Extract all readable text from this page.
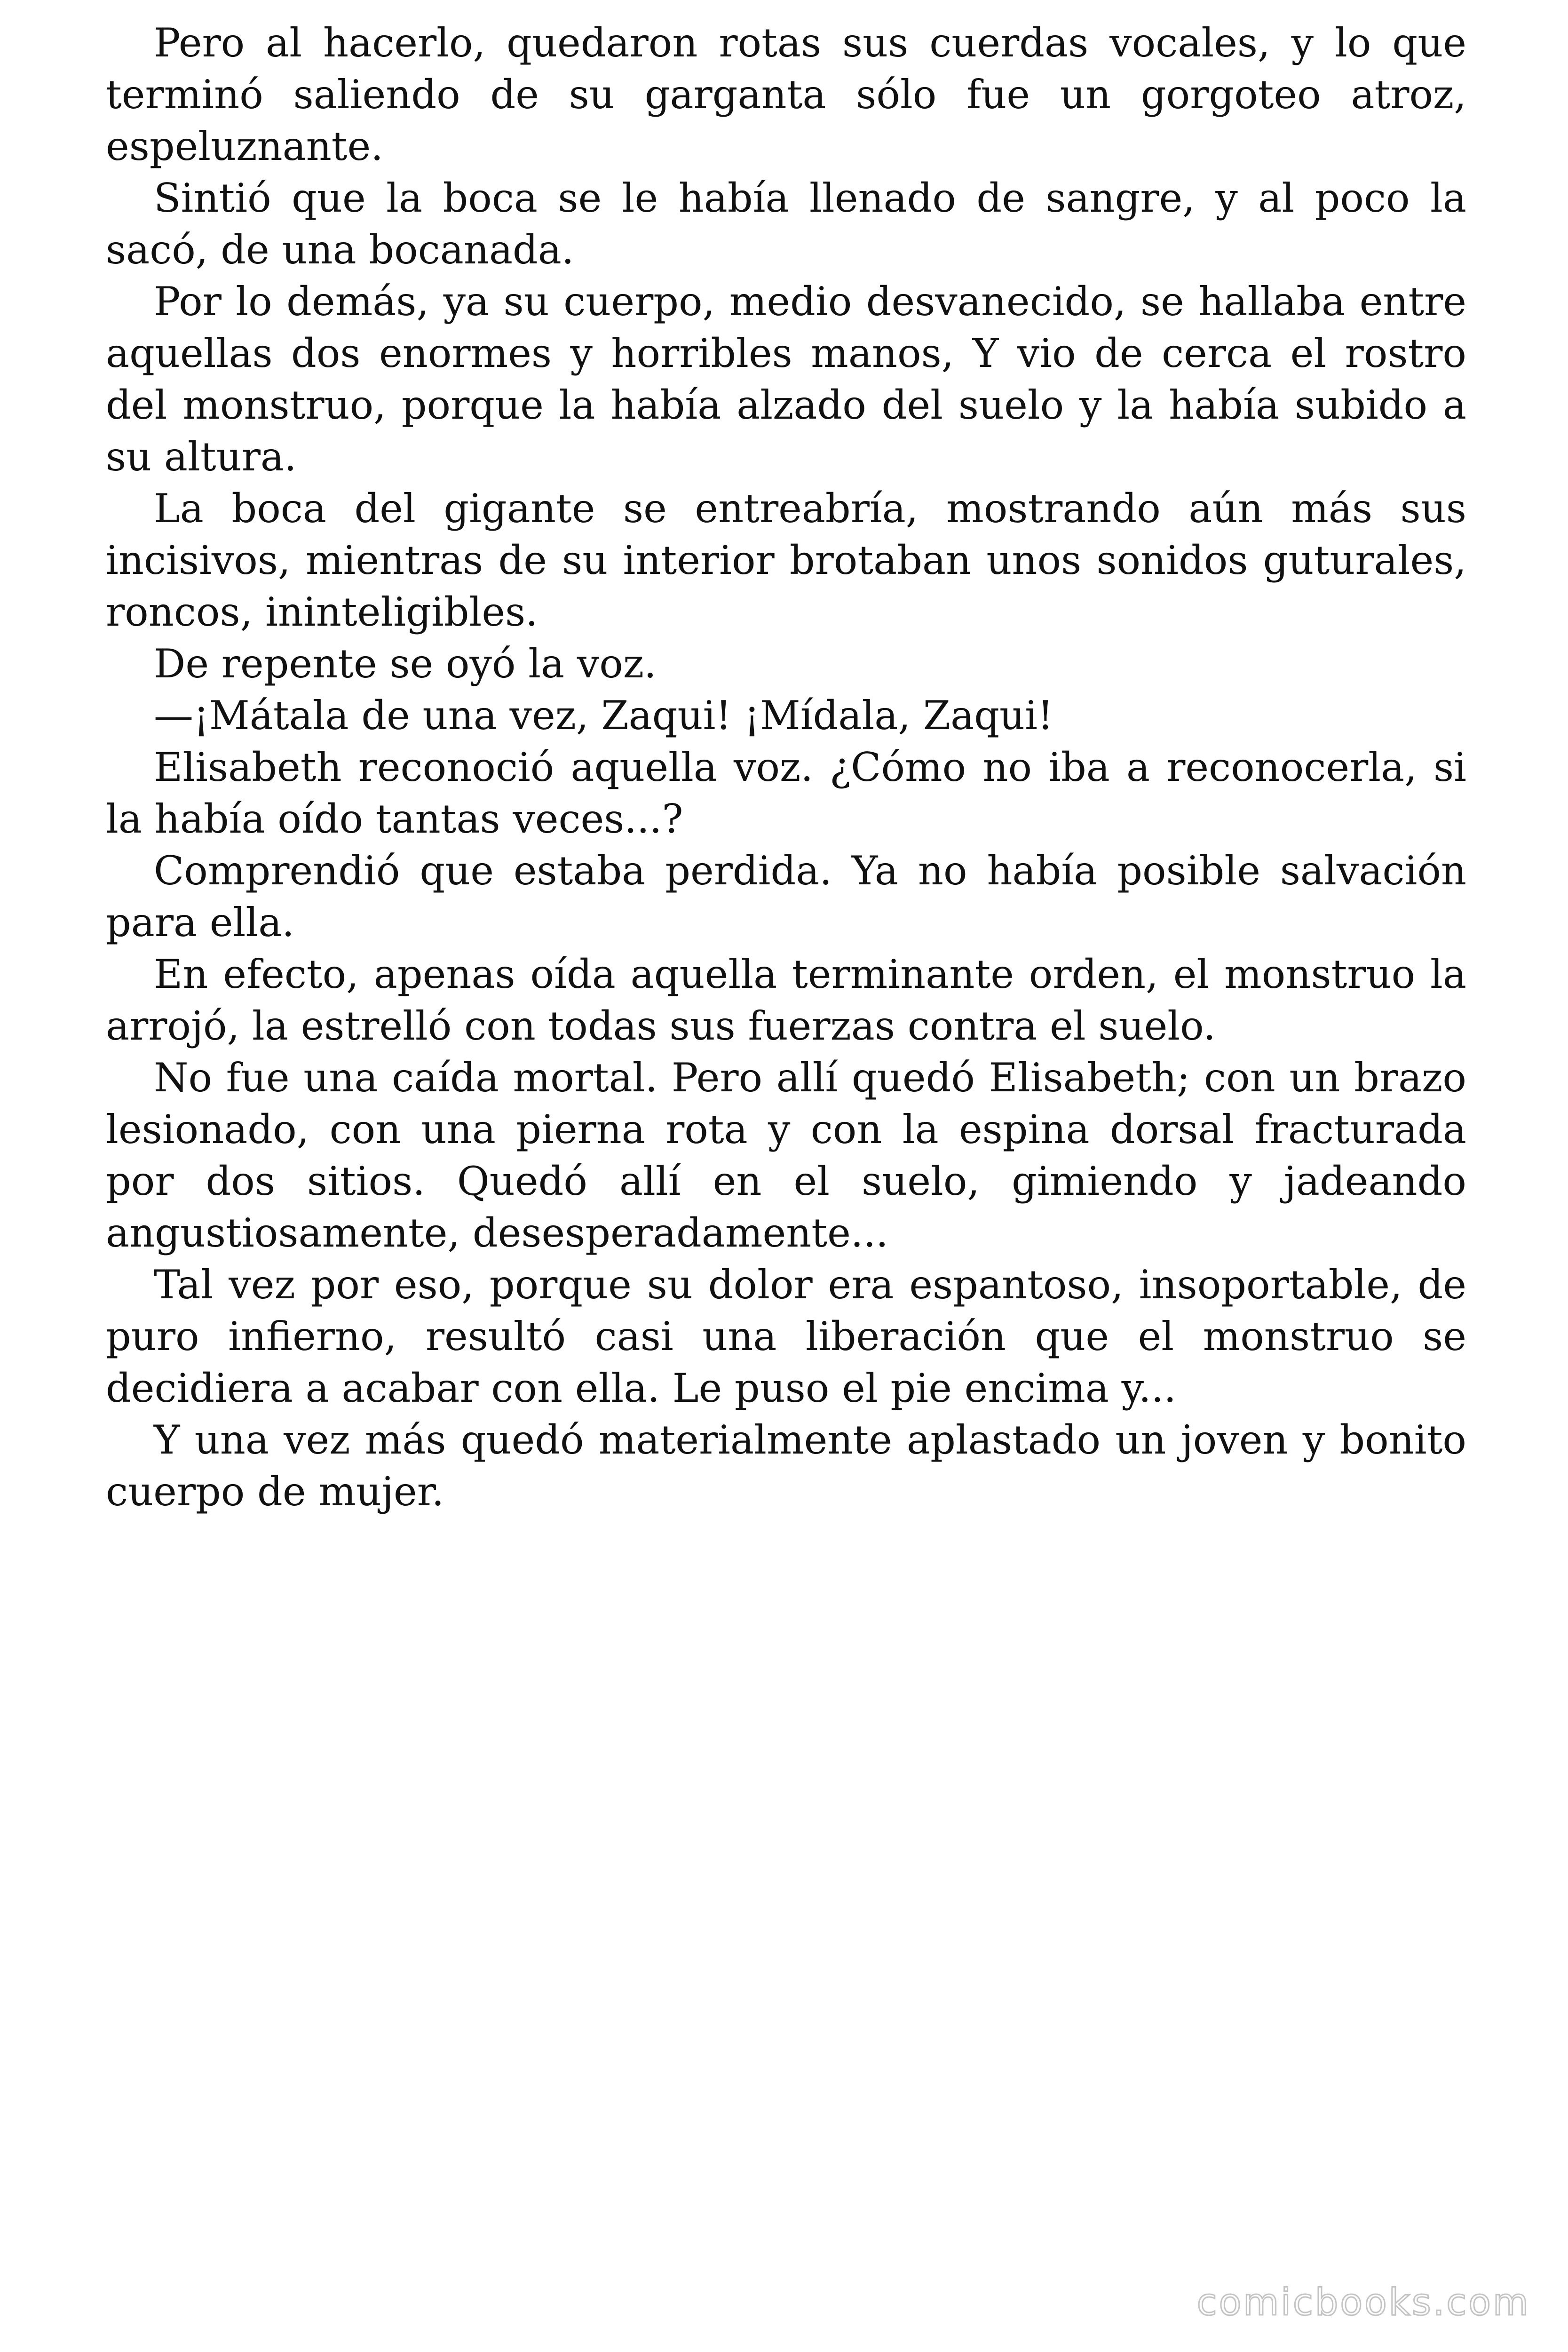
Pero al hacerlo, quedaron rotas sus cuerdas vocales, y lo que terminó saliendo de su garganta sólo fue un gorgoteo atroz, espeluznante.

Sintió que la boca se le había llenado de sangre, y al poco la sacó, de una bocanada.

Por lo demás, ya su cuerpo, medio desvanecido, se hallaba entre aquellas dos enormes y horribles manos, Y vio de cerca el rostro del monstruo, porque la había alzado del suelo y la había subido a su altura.

La boca del gigante se entreabría, mostrando aún más sus incisivos, mientras de su interior brotaban unos sonidos guturales, roncos, ininteligibles.

De repente se oyó la voz.

—¡Mátala de una vez, Zaqui! ¡Mídala, Zaqui!

Elisabeth reconoció aquella voz. ¿Cómo no iba a reconocerla, si la había oído tantas veces...?

Comprendió que estaba perdida. Ya no había posible salvación para ella.

En efecto, apenas oída aquella terminante orden, el monstruo la arrojó, la estrelló con todas sus fuerzas contra el suelo.

No fue una caída mortal. Pero allí quedó Elisabeth; con un brazo lesionado, con una pierna rota y con la espina dorsal fracturada por dos sitios. Quedó allí en el suelo, gimiendo y jadeando angustiosamente, desesperadamente...

Tal vez por eso, porque su dolor era espantoso, insoportable, de puro infierno, resultó casi una liberación que el monstruo se decidiera a acabar con ella. Le puso el pie encima y...

Y una vez más quedó materialmente aplastado un joven y bonito cuerpo de mujer.

comicbooks.com
